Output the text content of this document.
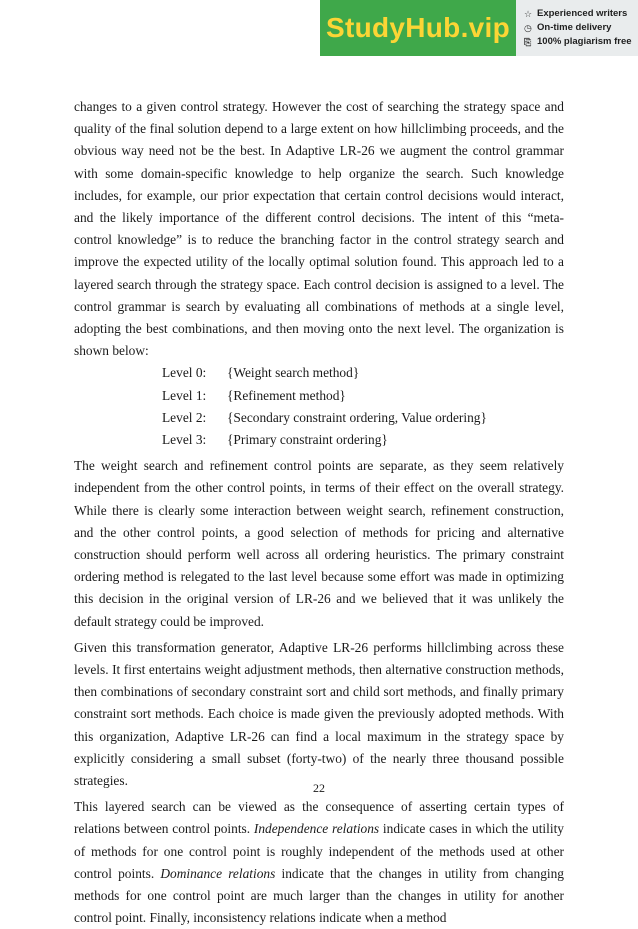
StudyHub.vip	☆ Experienced writers
◷ On-time delivery
⎘ 100% plagiarism free

changes to a given control strategy. However the cost of searching the strategy space and quality of the final solution depend to a large extent on how hillclimbing proceeds, and the obvious way need not be the best. In Adaptive LR-26 we augment the control grammar with some domain-specific knowledge to help organize the search. Such knowledge includes, for example, our prior expectation that certain control decisions would interact, and the likely importance of the different control decisions. The intent of this “meta-control knowledge” is to reduce the branching factor in the control strategy search and improve the expected utility of the locally optimal solution found. This approach led to a layered search through the strategy space. Each control decision is assigned to a level. The control grammar is search by evaluating all combinations of methods at a single level, adopting the best combinations, and then moving onto the next level. The organization is shown below:

Level 0:	{Weight search method}
Level 1:	{Refinement method}
Level 2:	{Secondary constraint ordering, Value ordering}
Level 3:	{Primary constraint ordering}

The weight search and refinement control points are separate, as they seem relatively independent from the other control points, in terms of their effect on the overall strategy. While there is clearly some interaction between weight search, refinement construction, and the other control points, a good selection of methods for pricing and alternative construction should perform well across all ordering heuristics. The primary constraint ordering method is relegated to the last level because some effort was made in optimizing this decision in the original version of LR-26 and we believed that it was unlikely the default strategy could be improved.

Given this transformation generator, Adaptive LR-26 performs hillclimbing across these levels. It first entertains weight adjustment methods, then alternative construction methods, then combinations of secondary constraint sort and child sort methods, and finally primary constraint sort methods. Each choice is made given the previously adopted methods. With this organization, Adaptive LR-26 can find a local maximum in the strategy space by explicitly considering a small subset (forty-two) of the nearly three thousand possible strategies.

This layered search can be viewed as the consequence of asserting certain types of relations between control points. Independence relations indicate cases in which the utility of methods for one control point is roughly independent of the methods used at other control points. Dominance relations indicate that the changes in utility from changing methods for one control point are much larger than the changes in utility for another control point. Finally, inconsistency relations indicate when a method

22
